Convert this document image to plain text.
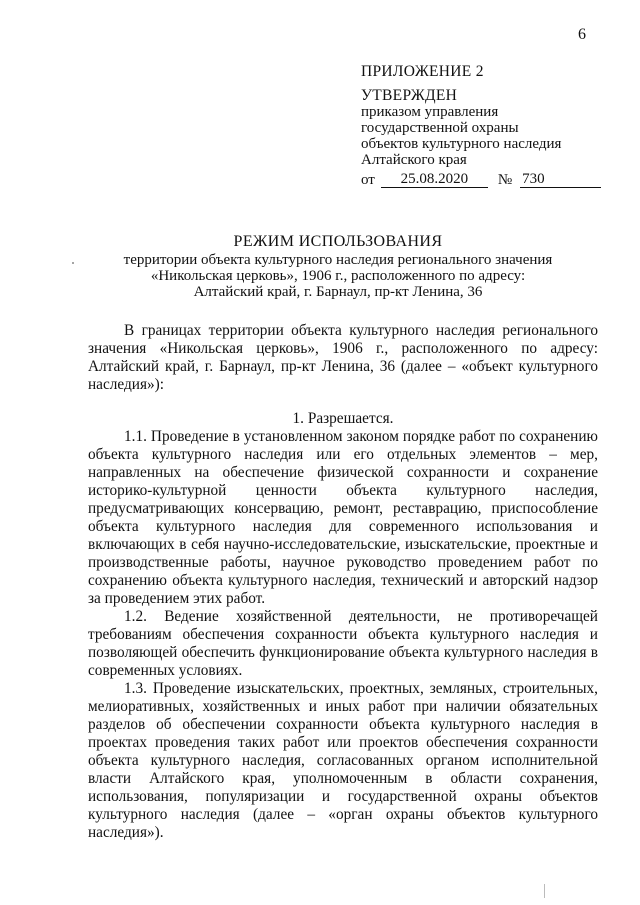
6

ПРИЛОЖЕНИЕ 2

УТВЕРЖДЕН

приказом управления

государственной охраны

объектов культурного наследия

Алтайского края

от	25.08.2020	№ 730
РЕЖИМ ИСПОЛЬЗОВАНИЯ
территории объекта культурного наследия регионального значения
«Никольская церковь», 1906 г., расположенного по адресу:
Алтайский край, г. Барнаул, пр-кт Ленина, 36

В границах территории объекта культурного наследия регионального значения «Никольская церковь», 1906 г., расположенного по адресу: Алтайский край, г. Барнаул, пр-кт Ленина, 36 (далее – «объект культурного наследия»):

1. Разрешается.

1.1. Проведение в установленном законом порядке работ по сохранению объекта культурного наследия или его отдельных элементов – мер, направленных на обеспечение физической сохранности и сохранение историко-культурной ценности объекта культурного наследия, предусматривающих консервацию, ремонт, реставрацию, приспособление объекта культурного наследия для современного использования и включающих в себя научно-исследовательские, изыскательские, проектные и производственные работы, научное руководство проведением работ по сохранению объекта культурного наследия, технический и авторский надзор за проведением этих работ.

1.2. Ведение хозяйственной деятельности, не противоречащей требованиям обеспечения сохранности объекта культурного наследия и позволяющей обеспечить функционирование объекта культурного наследия в современных условиях.

1.3. Проведение изыскательских, проектных, земляных, строительных, мелиоративных, хозяйственных и иных работ при наличии обязательных разделов об обеспечении сохранности объекта культурного наследия в проектах проведения таких работ или проектов обеспечения сохранности объекта культурного наследия, согласованных органом исполнительной власти Алтайского края, уполномоченным в области сохранения, использования, популяризации и государственной охраны объектов культурного наследия (далее – «орган охраны объектов культурного наследия»).
